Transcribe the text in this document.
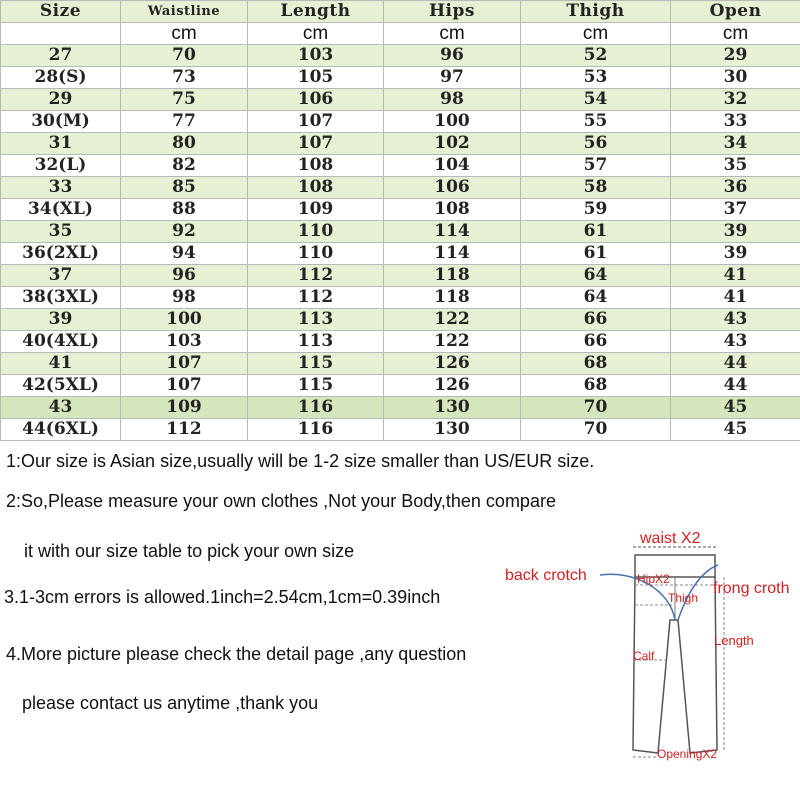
Size	Waistline	Length	Hips	Thigh	Open
	cm	cm	cm	cm	cm
27	70	103	96	52	29
28(S)	73	105	97	53	30
29	75	106	98	54	32
30(M)	77	107	100	55	33
31	80	107	102	56	34
32(L)	82	108	104	57	35
33	85	108	106	58	36
34(XL)	88	109	108	59	37
35	92	110	114	61	39
36(2XL)	94	110	114	61	39
37	96	112	118	64	41
38(3XL)	98	112	118	64	41
39	100	113	122	66	43
40(4XL)	103	113	122	66	43
41	107	115	126	68	44
42(5XL)	107	115	126	68	44
43	109	116	130	70	45
44(6XL)	112	116	130	70	45
1:Our size is Asian size,usually will be 1-2 size smaller than US/EUR size.
2:So,Please measure your own clothes ,Not your Body,then compare
it with our size table to pick your own size
3.1-3cm errors is allowed.1inch=2.54cm,1cm=0.39inch
4.More picture please check the detail page ,any question
please contact us anytime ,thank you
waist X2
back crotch
frong croth
HipX2
Thigh
Length
Calf
OpeningX2
